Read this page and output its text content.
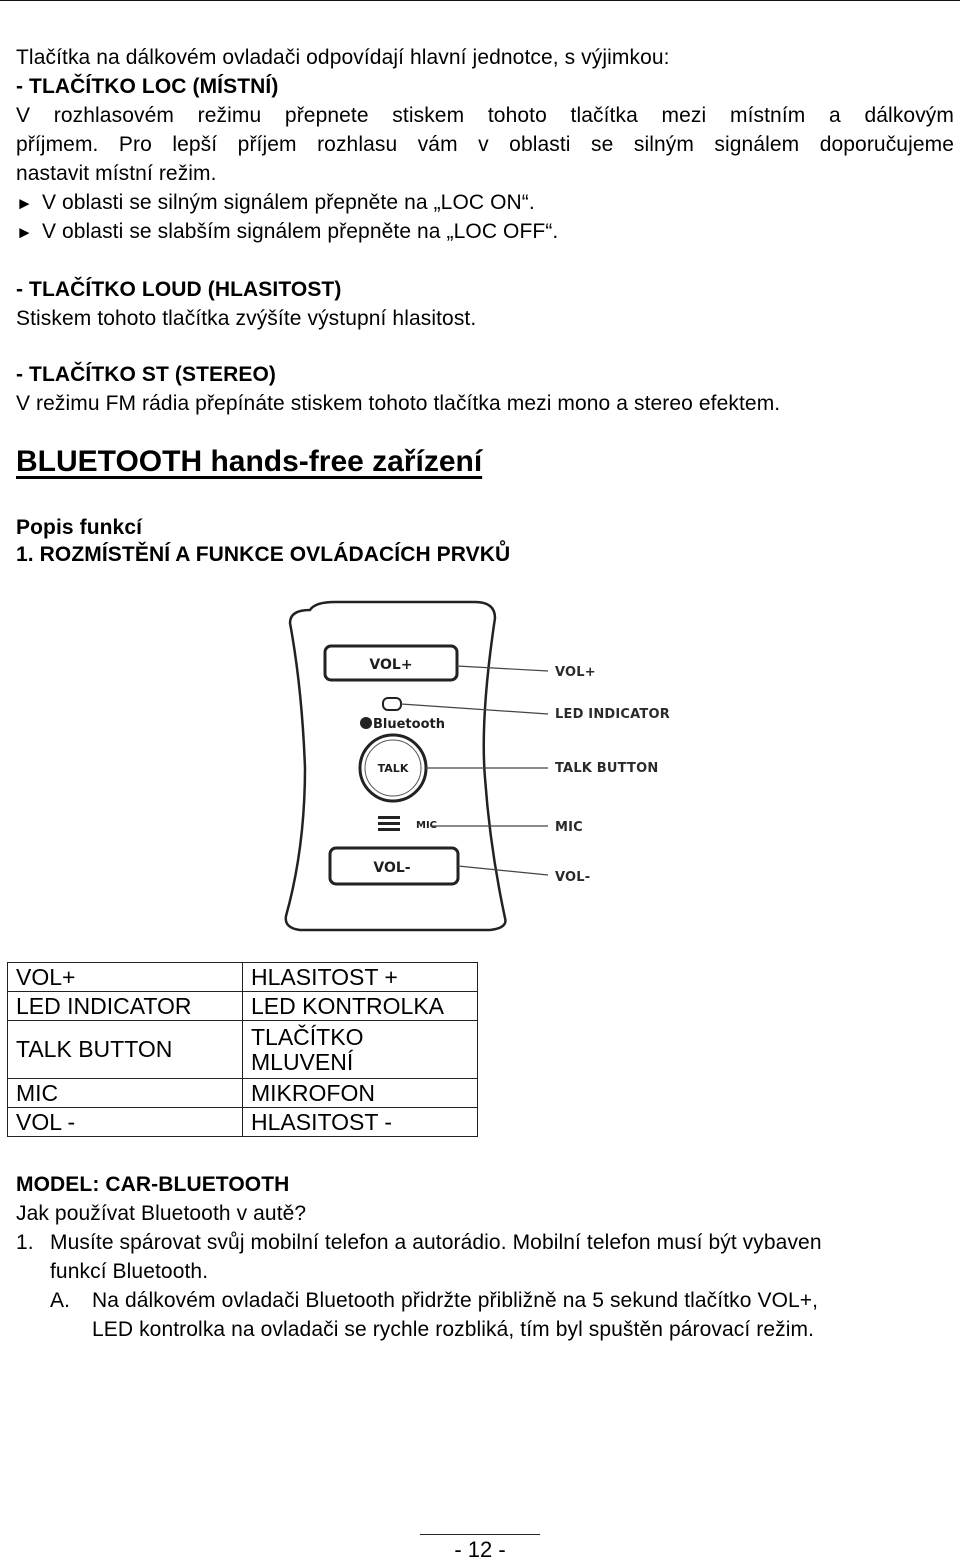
Tlačítka na dálkovém ovladači odpovídají hlavní jednotce, s výjimkou:
- TLAČÍTKO LOC (MÍSTNÍ)
V rozhlasovém režimu přepnete stiskem tohoto tlačítka mezi místním a dálkovým
příjmem. Pro lepší příjem rozhlasu vám v oblasti se silným signálem doporučujeme
nastavit místní režim.
► V oblasti se silným signálem přepněte na „LOC ON“.
► V oblasti se slabším signálem přepněte na „LOC OFF“.
- TLAČÍTKO LOUD (HLASITOST)
Stiskem tohoto tlačítka zvýšíte výstupní hlasitost.
- TLAČÍTKO ST (STEREO)
V režimu FM rádia přepínáte stiskem tohoto tlačítka mezi mono a stereo efektem.
BLUETOOTH hands-free zařízení
Popis funkcí
1. ROZMÍSTĚNÍ A FUNKCE OVLÁDACÍCH PRVKŮ
VOL+
Bluetooth
TALK
MIC
VOL-
VOL+
LED INDICATOR
TALK BUTTON
MIC
VOL-
VOL+	HLASITOST +
LED INDICATOR	LED KONTROLKA
TALK BUTTON	TLAČÍTKO MLUVENÍ
MIC	MIKROFON
VOL -	HLASITOST -
MODEL: CAR-BLUETOOTH
Jak používat Bluetooth v autě?
1. Musíte spárovat svůj mobilní telefon a autorádio. Mobilní telefon musí být vybaven
funkcí Bluetooth.
A. Na dálkovém ovladači Bluetooth přidržte přibližně na 5 sekund tlačítko VOL+,
LED kontrolka na ovladači se rychle rozbliká, tím byl spuštěn párovací režim.
- 12 -
